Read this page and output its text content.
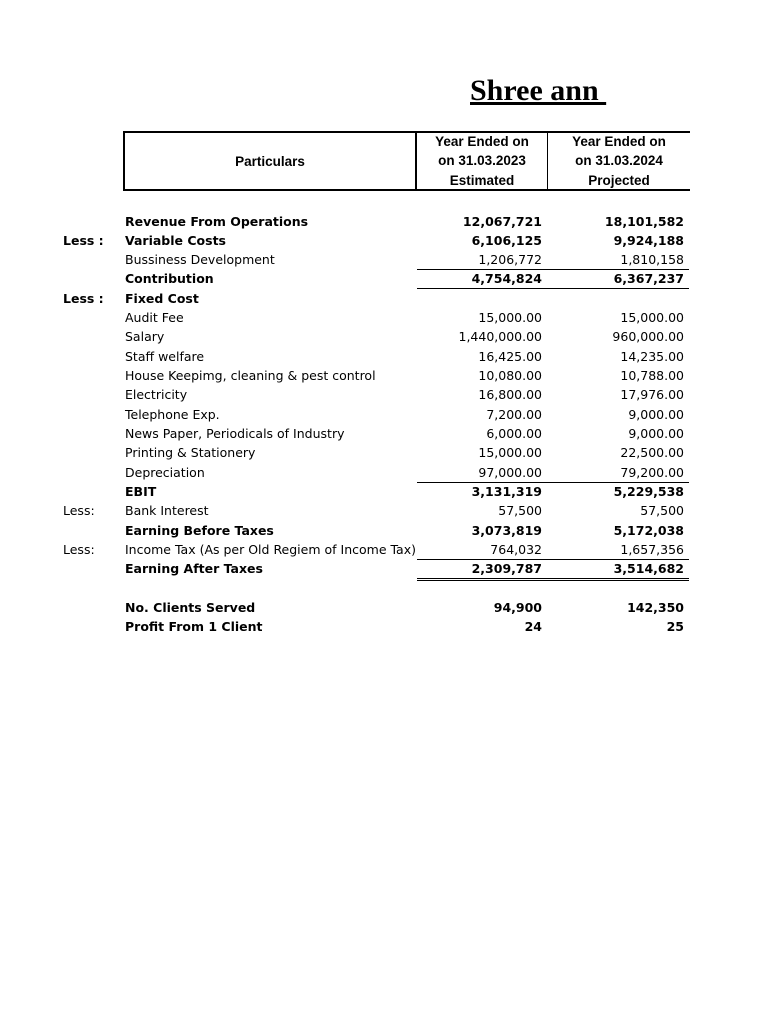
Shree ann
Particulars
Year Ended on
on 31.03.2023
Estimated
Year Ended on
on 31.03.2024
Projected
Revenue From Operations	12,067,721	18,101,582
Less : Variable Costs	6,106,125	9,924,188
Bussiness Development	1,206,772	1,810,158
Contribution	4,754,824	6,367,237
Less : Fixed Cost
Audit Fee	15,000.00	15,000.00
Salary	1,440,000.00	960,000.00
Staff welfare	16,425.00	14,235.00
House Keepimg, cleaning & pest control	10,080.00	10,788.00
Electricity	16,800.00	17,976.00
Telephone Exp.	7,200.00	9,000.00
News Paper, Periodicals of Industry	6,000.00	9,000.00
Printing & Stationery	15,000.00	22,500.00
Depreciation	97,000.00	79,200.00
EBIT	3,131,319	5,229,538
Less: Bank Interest	57,500	57,500
Earning Before Taxes	3,073,819	5,172,038
Less: Income Tax (As per Old Regiem of Income Tax)	764,032	1,657,356
Earning After Taxes	2,309,787	3,514,682
No. Clients Served	94,900	142,350
Profit From 1 Client	24	25
